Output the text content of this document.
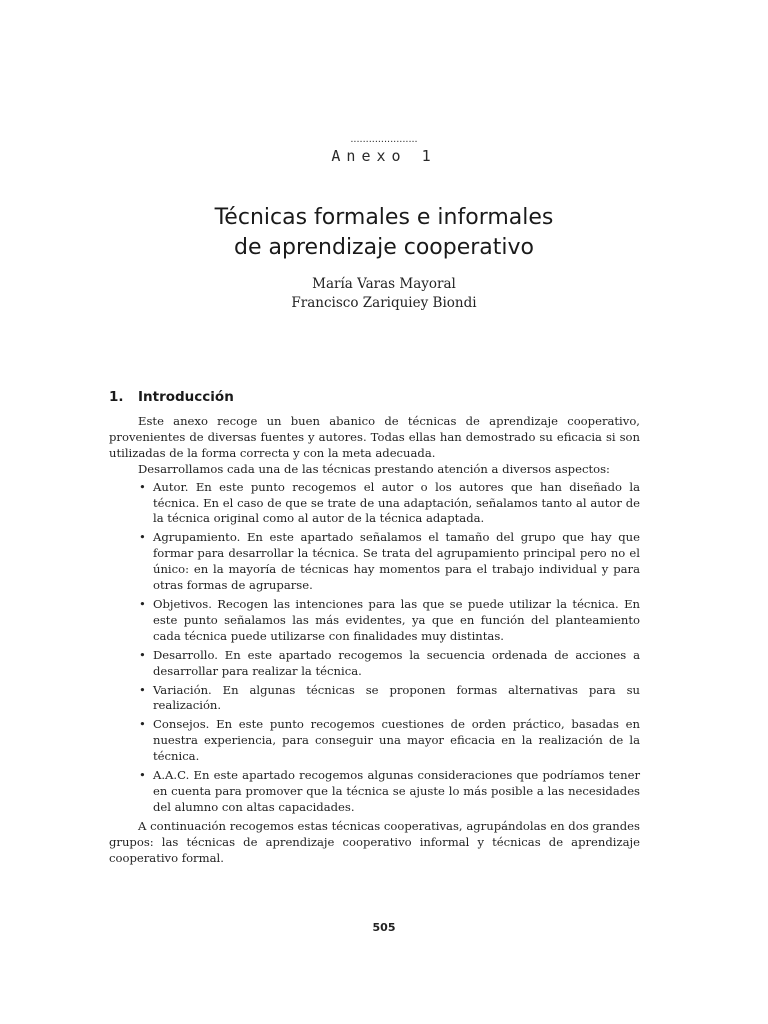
......................
Anexo 1
Técnicas formales e informales
de aprendizaje cooperativo
María Varas Mayoral
Francisco Zariquiey Biondi
1. Introducción

Este anexo recoge un buen abanico de técnicas de aprendizaje cooperativo, provenientes de diversas fuentes y autores. Todas ellas han demostrado su eficacia si son utilizadas de la forma correcta y con la meta adecuada.

Desarrollamos cada una de las técnicas prestando atención a diversos aspectos:

• Autor. En este punto recogemos el autor o los autores que han diseñado la técnica. En el caso de que se trate de una adaptación, señalamos tanto al autor de la técnica original como al autor de la técnica adaptada.
• Agrupamiento. En este apartado señalamos el tamaño del grupo que hay que formar para desarrollar la técnica. Se trata del agrupamiento principal pero no el único: en la mayoría de técnicas hay momentos para el trabajo individual y para otras formas de agruparse.
• Objetivos. Recogen las intenciones para las que se puede utilizar la técnica. En este punto señalamos las más evidentes, ya que en función del planteamiento cada técnica puede utilizarse con finalidades muy distintas.
• Desarrollo. En este apartado recogemos la secuencia ordenada de acciones a desarrollar para realizar la técnica.
• Variación. En algunas técnicas se proponen formas alternativas para su realización.
• Consejos. En este punto recogemos cuestiones de orden práctico, basadas en nuestra experiencia, para conseguir una mayor eficacia en la realización de la técnica.
• A.A.C. En este apartado recogemos algunas consideraciones que podríamos tener en cuenta para promover que la técnica se ajuste lo más posible a las necesidades del alumno con altas capacidades.

A continuación recogemos estas técnicas cooperativas, agrupándolas en dos grandes grupos: las técnicas de aprendizaje cooperativo informal y técnicas de aprendizaje cooperativo formal.

505
